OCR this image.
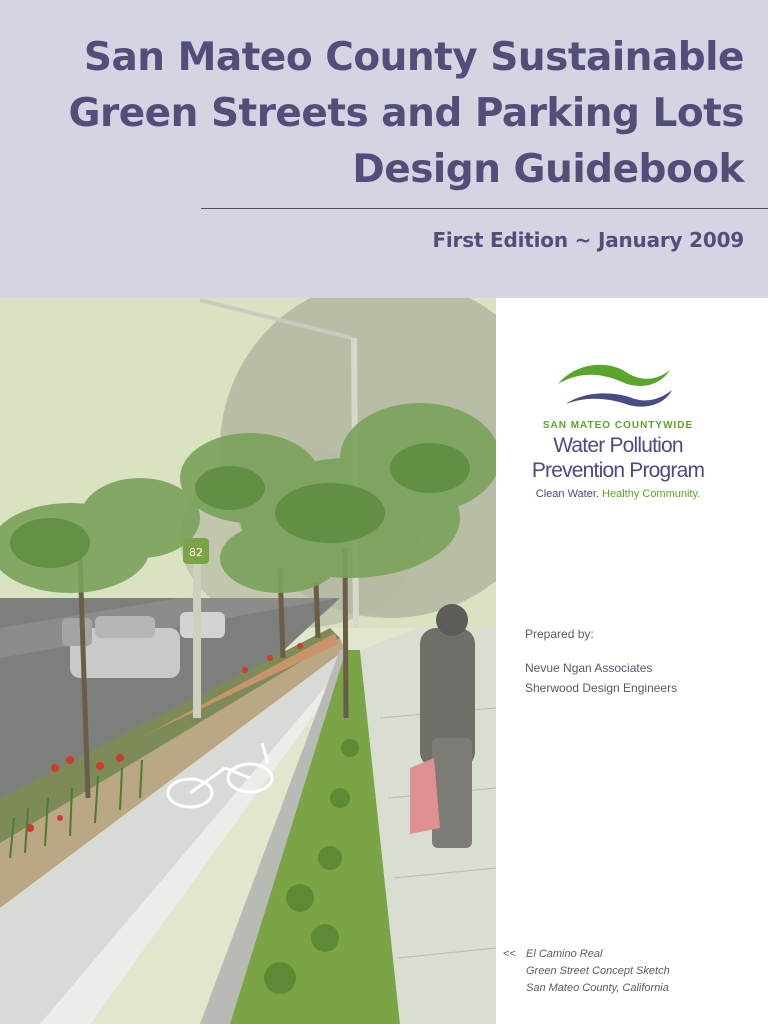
San Mateo County Sustainable
Green Streets and Parking Lots
Design Guidebook
First Edition ~ January 2009
82
SAN MATEO COUNTYWIDE
Water Pollution
Prevention Program
Clean Water. Healthy Community.
Prepared by:
Nevue Ngan Associates
Sherwood Design Engineers
<< El Camino Real
Green Street Concept Sketch
San Mateo County, California
